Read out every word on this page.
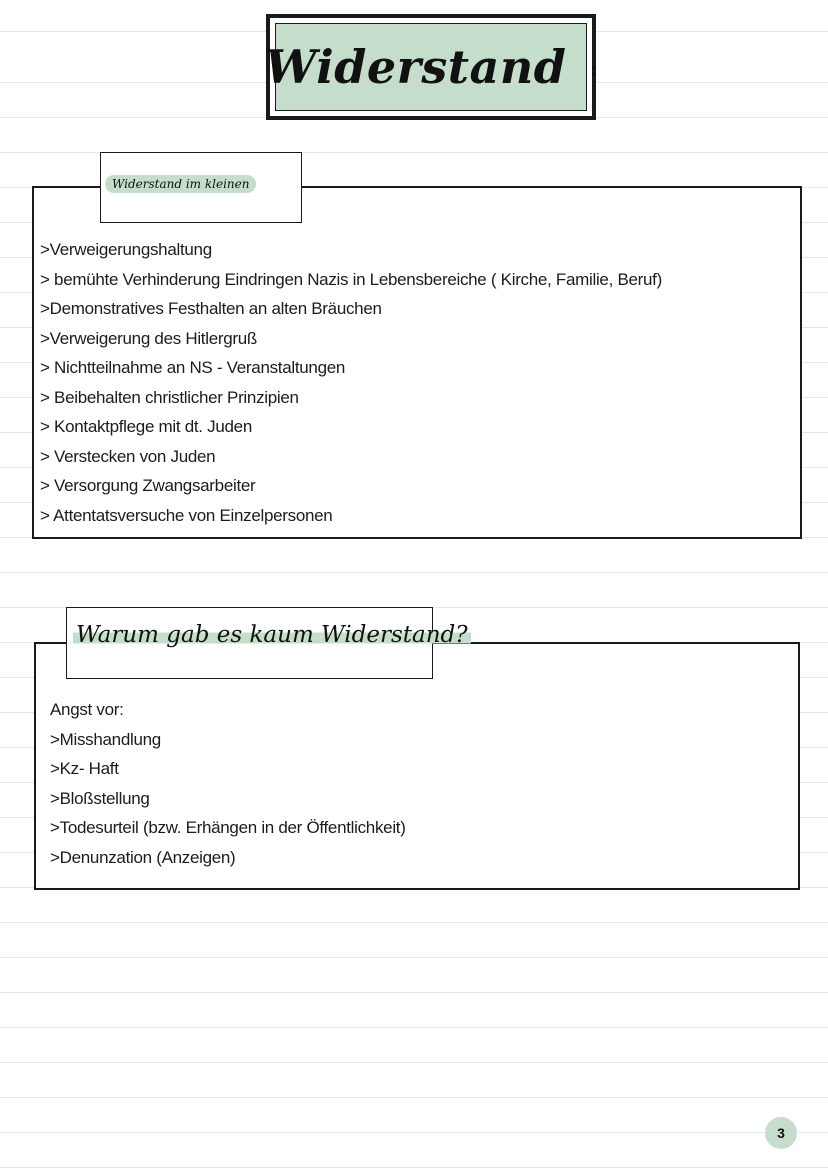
Widerstand :
>Verweigerungshaltung
> bemühte Verhinderung Eindringen Nazis in Lebensbereiche ( Kirche, Familie, Beruf)
>Demonstratives Festhalten an alten Bräuchen
>Verweigerung des Hitlergruß
> Nichtteilnahme an NS - Veranstaltungen
> Beibehalten christlicher Prinzipien
> Kontaktpflege mit dt. Juden
> Verstecken von Juden
> Versorgung Zwangsarbeiter
> Attentatsversuche von Einzelpersonen
Widerstand im kleinen
Angst vor:
>Misshandlung
>Kz- Haft
>Bloßstellung
>Todesurteil (bzw. Erhängen in der Öffentlichkeit)
>Denunzation (Anzeigen)
Warum gab es kaum Widerstand?
3
